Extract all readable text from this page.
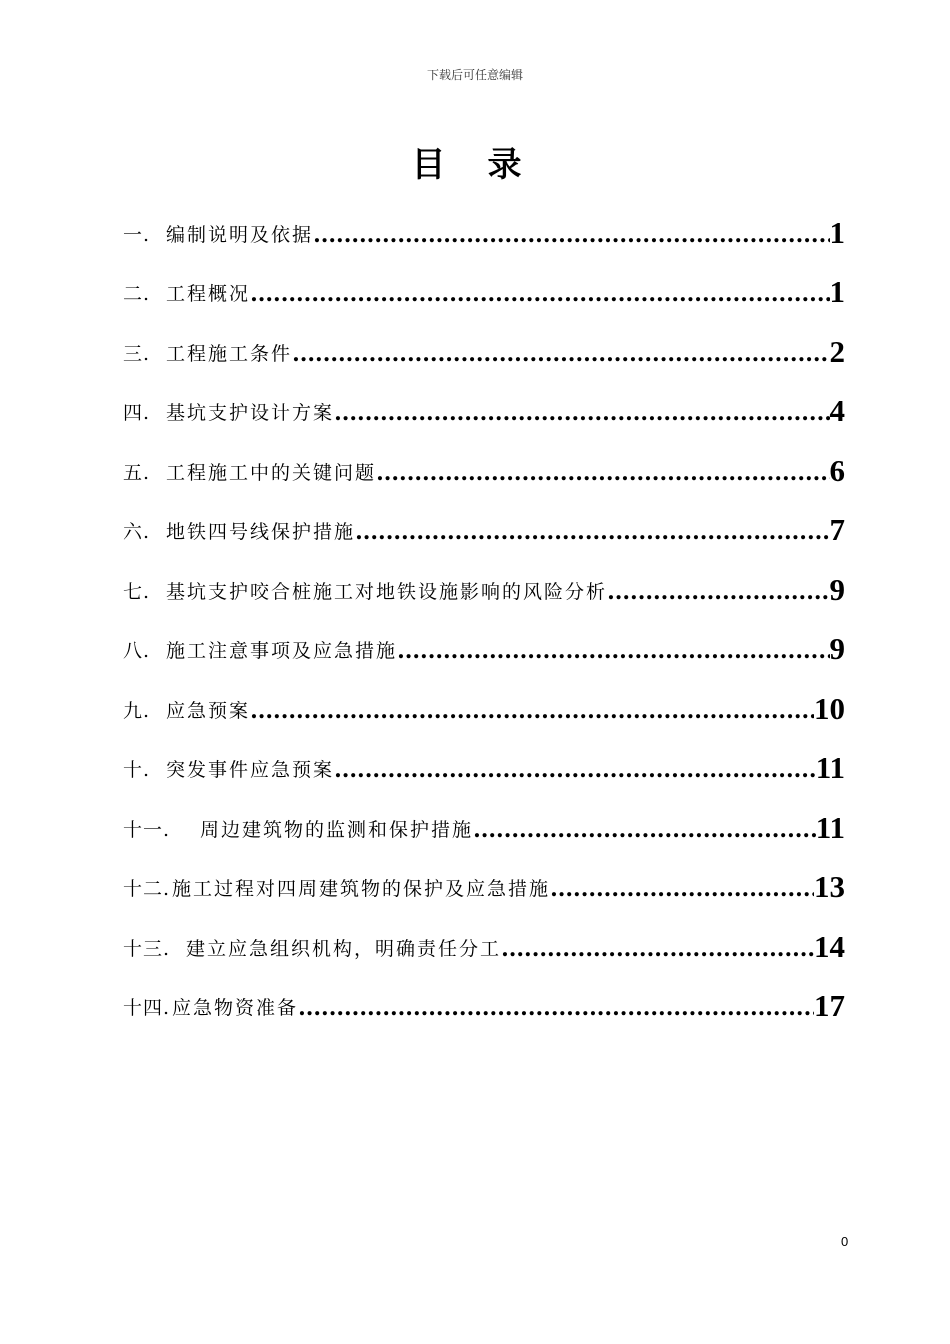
下载后可任意编辑
目录
一. 编制说明及依据 .....	1
二. 工程概况 .....	1
三. 工程施工条件 .....	2
四. 基坑支护设计方案 .....	4
五. 工程施工中的关键问题 .....	6
六. 地铁四号线保护措施 .....	7
七. 基坑支护咬合桩施工对地铁设施影响的风险分析 .....	9
八. 施工注意事项及应急措施 .....	9
九. 应急预案 .....	10
十. 突发事件应急预案 .....	11
十一. 周边建筑物的监测和保护措施 .....	11
十二. 施工过程对四周建筑物的保护及应急措施 .....	13
十三. 建立应急组织机构，明确责任分工 .....	14
十四. 应急物资准备 .....	17
0
